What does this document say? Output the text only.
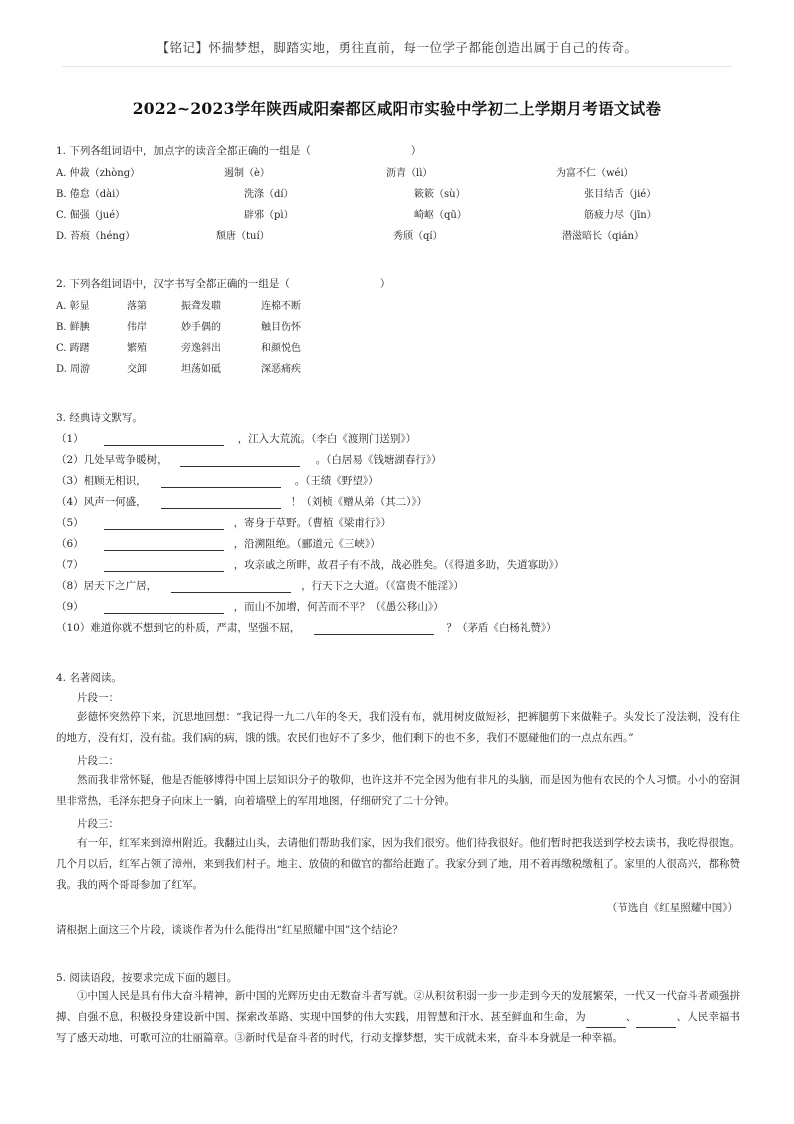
【铭记】怀揣梦想，脚踏实地，勇往直前，每一位学子都能创造出属于自己的传奇。
2022~2023学年陕西咸阳秦都区咸阳市实验中学初二上学期月考语文试卷
1. 下列各组词语中，加点字的读音全都正确的一组是（	）
A. 仲裁（zhòng）	遏制（è）	沥青（lì）	为富不仁（wéi）
B. 倦怠（dài）	洗涤（dí）	簌簌（sù）	张目结舌（jié）
C. 倔强（jué）	辟邪（pì）	崎岖（qū）	筋疲力尽（jīn）
D. 苔痕（héng）	颓唐（tuí）	秀颀（qí）	潜滋暗长（qián）
2. 下列各组词语中，汉字书写全都正确的一组是（	）
A. 彰显	落第	振聋发聩	连棉不断
B. 鲜腆	伟岸	妙手偶的	触目伤怀
C. 踌躇	繁殖	旁逸斜出	和颜悦色
D. 周游	交卸	坦荡如砥	深恶痛疾
3. 经典诗文默写。
（1）	，江入大荒流。（李白《渡荆门送别》）
（2）几处早莺争暖树，	。（白居易《钱塘湖春行》）
（3）相顾无相识，	。（王绩《野望》）
（4）风声一何盛，	！（刘桢《赠从弟（其二）》）
（5）	，寄身于草野。（曹植《梁甫行》）
（6）	，沿溯阻绝。（郦道元《三峡》）
（7）	，攻亲戚之所畔，故君子有不战，战必胜矣。（《得道多助，失道寡助》）
（8）居天下之广居，	，行天下之大道。（《富贵不能淫》）
（9）	，而山不加增，何苦而不平？（《愚公移山》）
（10）难道你就不想到它的朴质，严肃，坚强不屈，	？（茅盾《白杨礼赞》）
4. 名著阅读。
片段一：
彭德怀突然停下来，沉思地回想：“我记得一九二八年的冬天，我们没有布，就用树皮做短衫，把裤腿剪下来做鞋子。头发长了没法剃，没有住的地方，没有灯，没有盐。我们病的病，饿的饿。农民们也好不了多少，他们剩下的也不多，我们不愿碰他们的一点点东西。”
片段二：
然而我非常怀疑，他是否能够博得中国上层知识分子的敬仰，也许这并不完全因为他有非凡的头脑，而是因为他有农民的个人习惯。小小的窑洞里非常热，毛泽东把身子向床上一躺，向着墙壁上的军用地图，仔细研究了二十分钟。
片段三：
有一年，红军来到漳州附近。我翻过山头，去请他们帮助我们家，因为我们很穷。他们待我很好。他们暂时把我送到学校去读书，我吃得很饱。几个月以后，红军占领了漳州，来到我们村子。地主、放债的和做官的都给赶跑了。我家分到了地，用不着再缴税缴租了。家里的人很高兴，都称赞我。我的两个哥哥参加了红军。
（节选自《红星照耀中国》）
请根据上面这三个片段，谈谈作者为什么能得出“红星照耀中国”这个结论？
5. 阅读语段，按要求完成下面的题目。
①中国人民是具有伟大奋斗精神，新中国的光辉历史由无数奋斗者写就。②从积贫积弱一步一步走到今天的发展繁荣，一代又一代奋斗者顽强拼搏、自强不息，积极投身建设新中国、探索改革路、实现中国梦的伟大实践，用智慧和汗水、甚至鲜血和生命，为	、	、人民幸福书写了感天动地、可歌可泣的壮丽篇章。③新时代是奋斗者的时代，行动支撑梦想，实干成就未来，奋斗本身就是一种幸福。
